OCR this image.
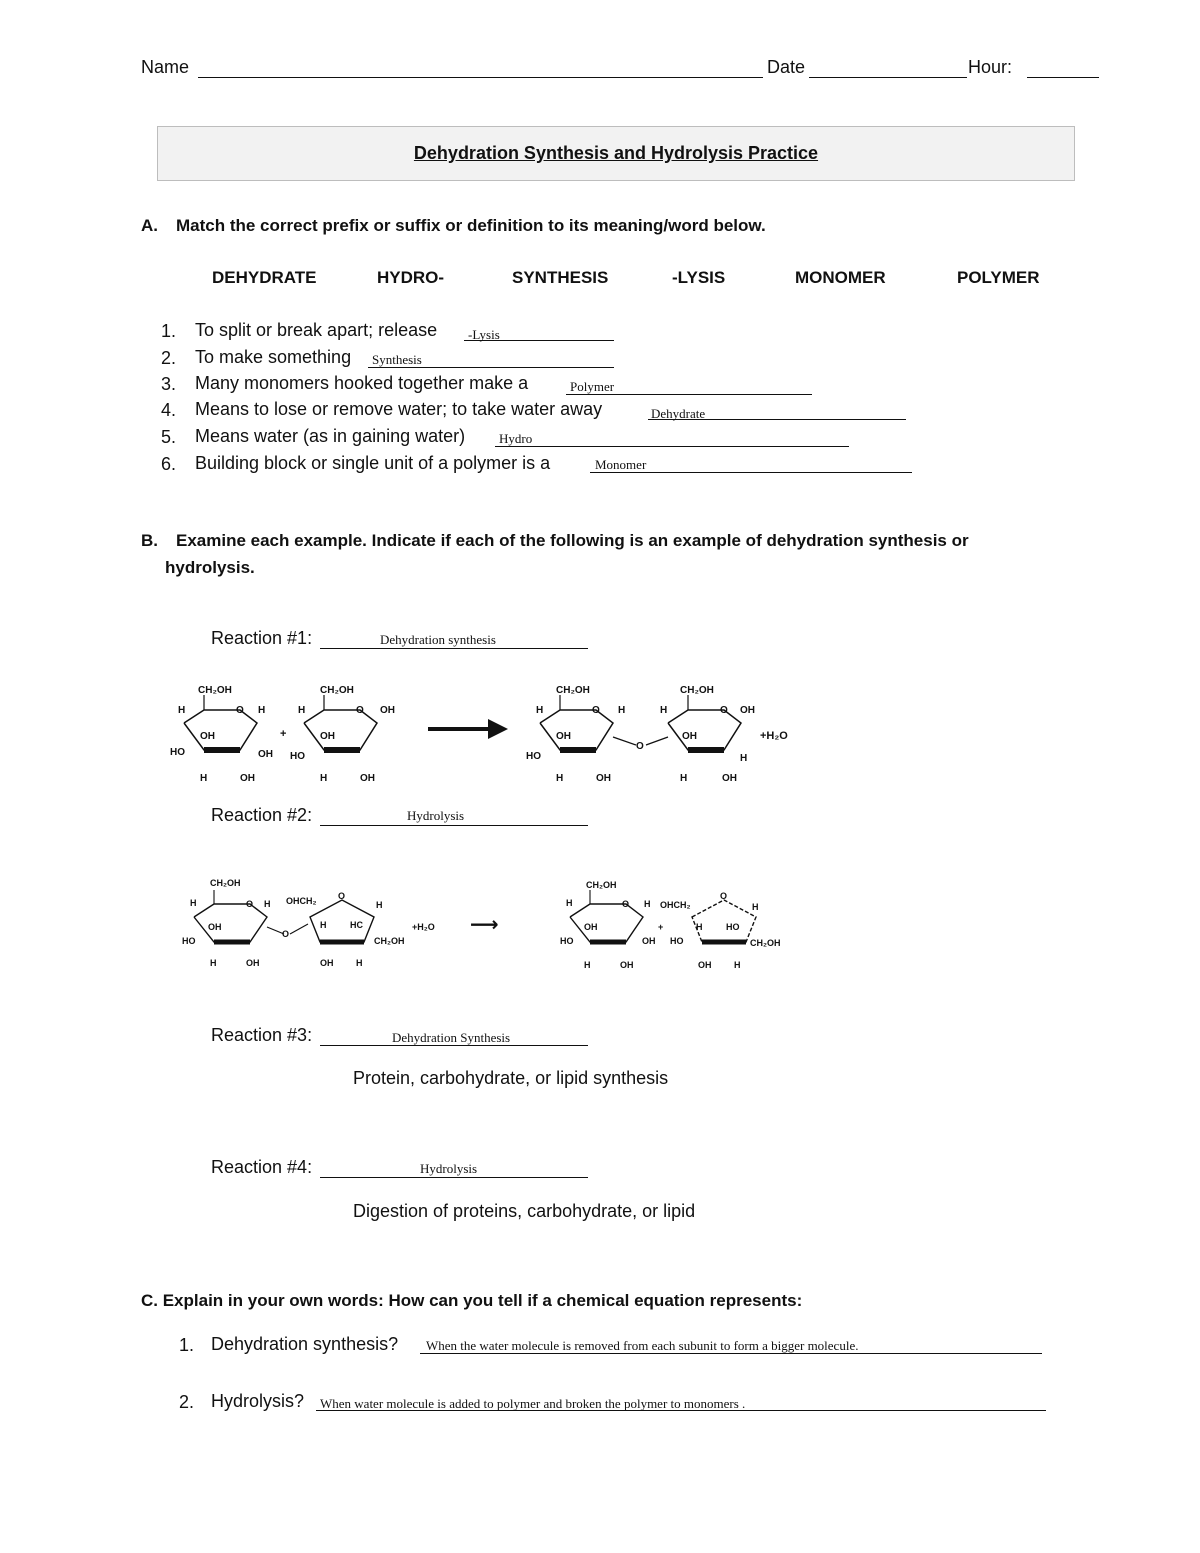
Name	Date	Hour:
Dehydration Synthesis and Hydrolysis Practice
A. Match the correct prefix or suffix or definition to its meaning/word below.
DEHYDRATE	HYDRO-	SYNTHESIS	-LYSIS	MONOMER	POLYMER
1. To split or break apart; release -Lysis
2. To make something Synthesis
3. Many monomers hooked together make a	Polymer
4. Means to lose or remove water; to take water away	Dehydrate
5. Means water (as in gaining water)	Hydro
6. Building block or single unit of a polymer is a	Monomer
B. Examine each example. Indicate if each of the following is an example of dehydration synthesis or
hydrolysis.
Reaction #1:	Dehydration synthesis
CH₂OH
H	O H
OH
HO	OH
H	OH
+
CH₂OH
H	O OH
OH
HO
H	OH
CH₂OH
H	O H
OH
HO
H	OH
O
CH₂OH
H	O OH
OH
H
H	OH
+H₂O
Reaction #2:	Hydrolysis
CH₂OH
H	O H
OH
HO
H	OH
O
OHCH₂ O
H
H	HC
CH₂OH
OH	H
+H₂O ⟶
CH₂OH
H	O H
OH
HO	OH
H	OH
+
OHCH₂
O
H
H	HO
HO	CH₂OH
OH	H
Reaction #3:	Dehydration Synthesis
Protein, carbohydrate, or lipid synthesis
Reaction #4:	Hydrolysis
Digestion of proteins, carbohydrate, or lipid
C. Explain in your own words: How can you tell if a chemical equation represents:
1. Dehydration synthesis? When the water molecule is removed from each subunit to form a bigger molecule.
2. Hydrolysis? When water molecule is added to polymer and broken the polymer to monomers .
